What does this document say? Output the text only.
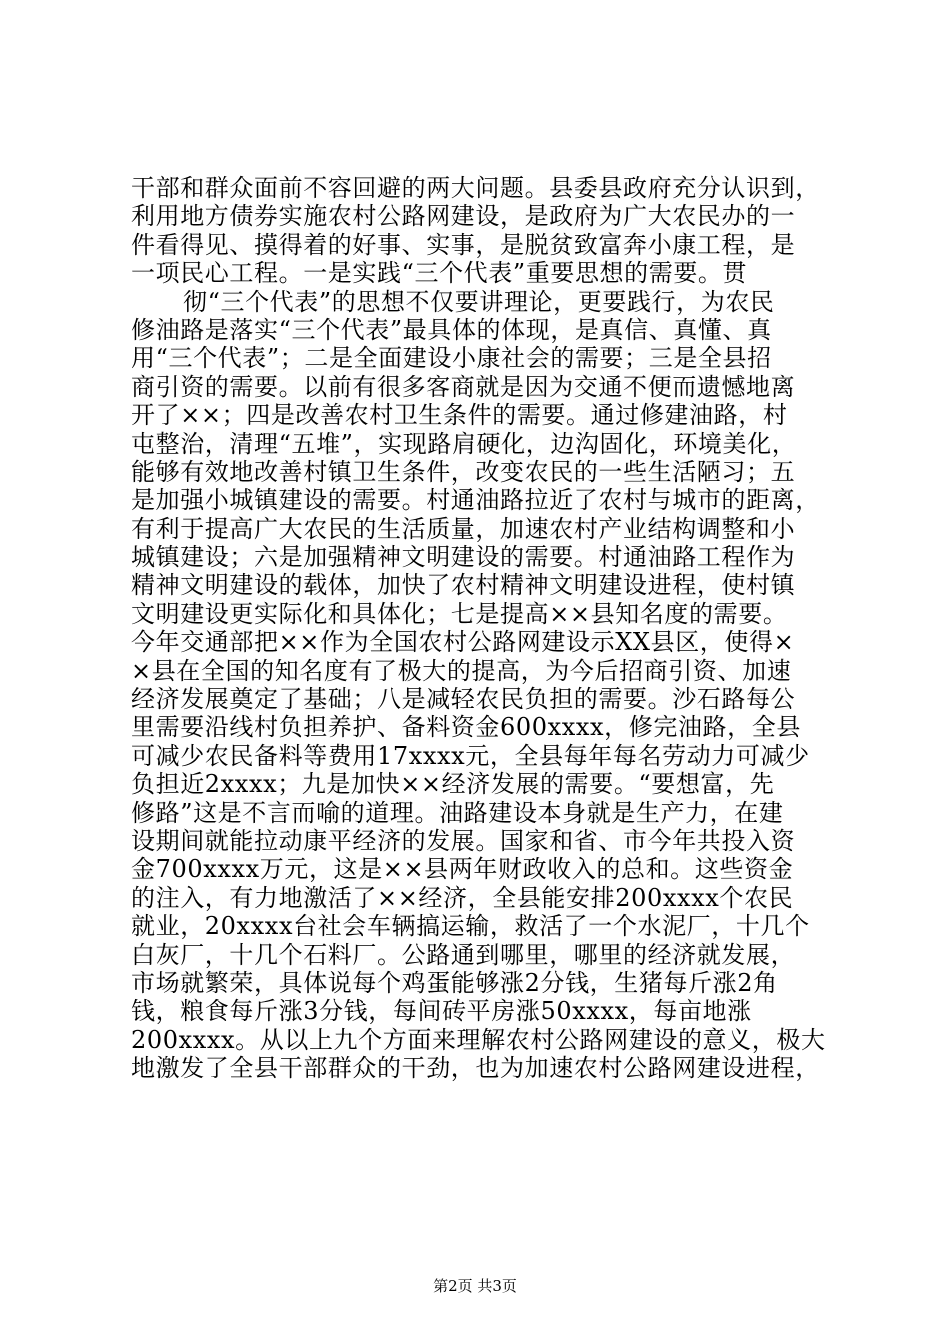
干部和群众面前不容回避的两大问题。县委县政府充分认识到，
利用地方债券实施农村公路网建设，是政府为广大农民办的一
件看得见、摸得着的好事、实事，是脱贫致富奔小康工程，是
一项民心工程。一是实践“三个代表”重要思想的需要。贯
彻“三个代表”的思想不仅要讲理论，更要践行，为农民
修油路是落实“三个代表”最具体的体现，是真信、真懂、真
用“三个代表”；二是全面建设小康社会的需要；三是全县招
商引资的需要。以前有很多客商就是因为交通不便而遗憾地离
开了××；四是改善农村卫生条件的需要。通过修建油路，村
屯整治，清理“五堆”，实现路肩硬化，边沟固化，环境美化，
能够有效地改善村镇卫生条件，改变农民的一些生活陋习；五
是加强小城镇建设的需要。村通油路拉近了农村与城市的距离，
有利于提高广大农民的生活质量，加速农村产业结构调整和小
城镇建设；六是加强精神文明建设的需要。村通油路工程作为
精神文明建设的载体，加快了农村精神文明建设进程，使村镇
文明建设更实际化和具体化；七是提高××县知名度的需要。
今年交通部把××作为全国农村公路网建设示XX县区，使得×
×县在全国的知名度有了极大的提高，为今后招商引资、加速
经济发展奠定了基础；八是减轻农民负担的需要。沙石路每公
里需要沿线村负担养护、备料资金600xxxx，修完油路，全县
可减少农民备料等费用17xxxx元，全县每年每名劳动力可减少
负担近2xxxx；九是加快××经济发展的需要。“要想富，先
修路”这是不言而喻的道理。油路建设本身就是生产力，在建
设期间就能拉动康平经济的发展。国家和省、市今年共投入资
金700xxxx万元，这是××县两年财政收入的总和。这些资金
的注入，有力地激活了××经济，全县能安排200xxxx个农民
就业，20xxxx台社会车辆搞运输，救活了一个水泥厂，十几个
白灰厂，十几个石料厂。公路通到哪里，哪里的经济就发展，
市场就繁荣，具体说每个鸡蛋能够涨2分钱，生猪每斤涨2角
钱，粮食每斤涨3分钱，每间砖平房涨50xxxx，每亩地涨
200xxxx。从以上九个方面来理解农村公路网建设的意义，极大
地激发了全县干部群众的干劲，也为加速农村公路网建设进程，
第2页 共3页
